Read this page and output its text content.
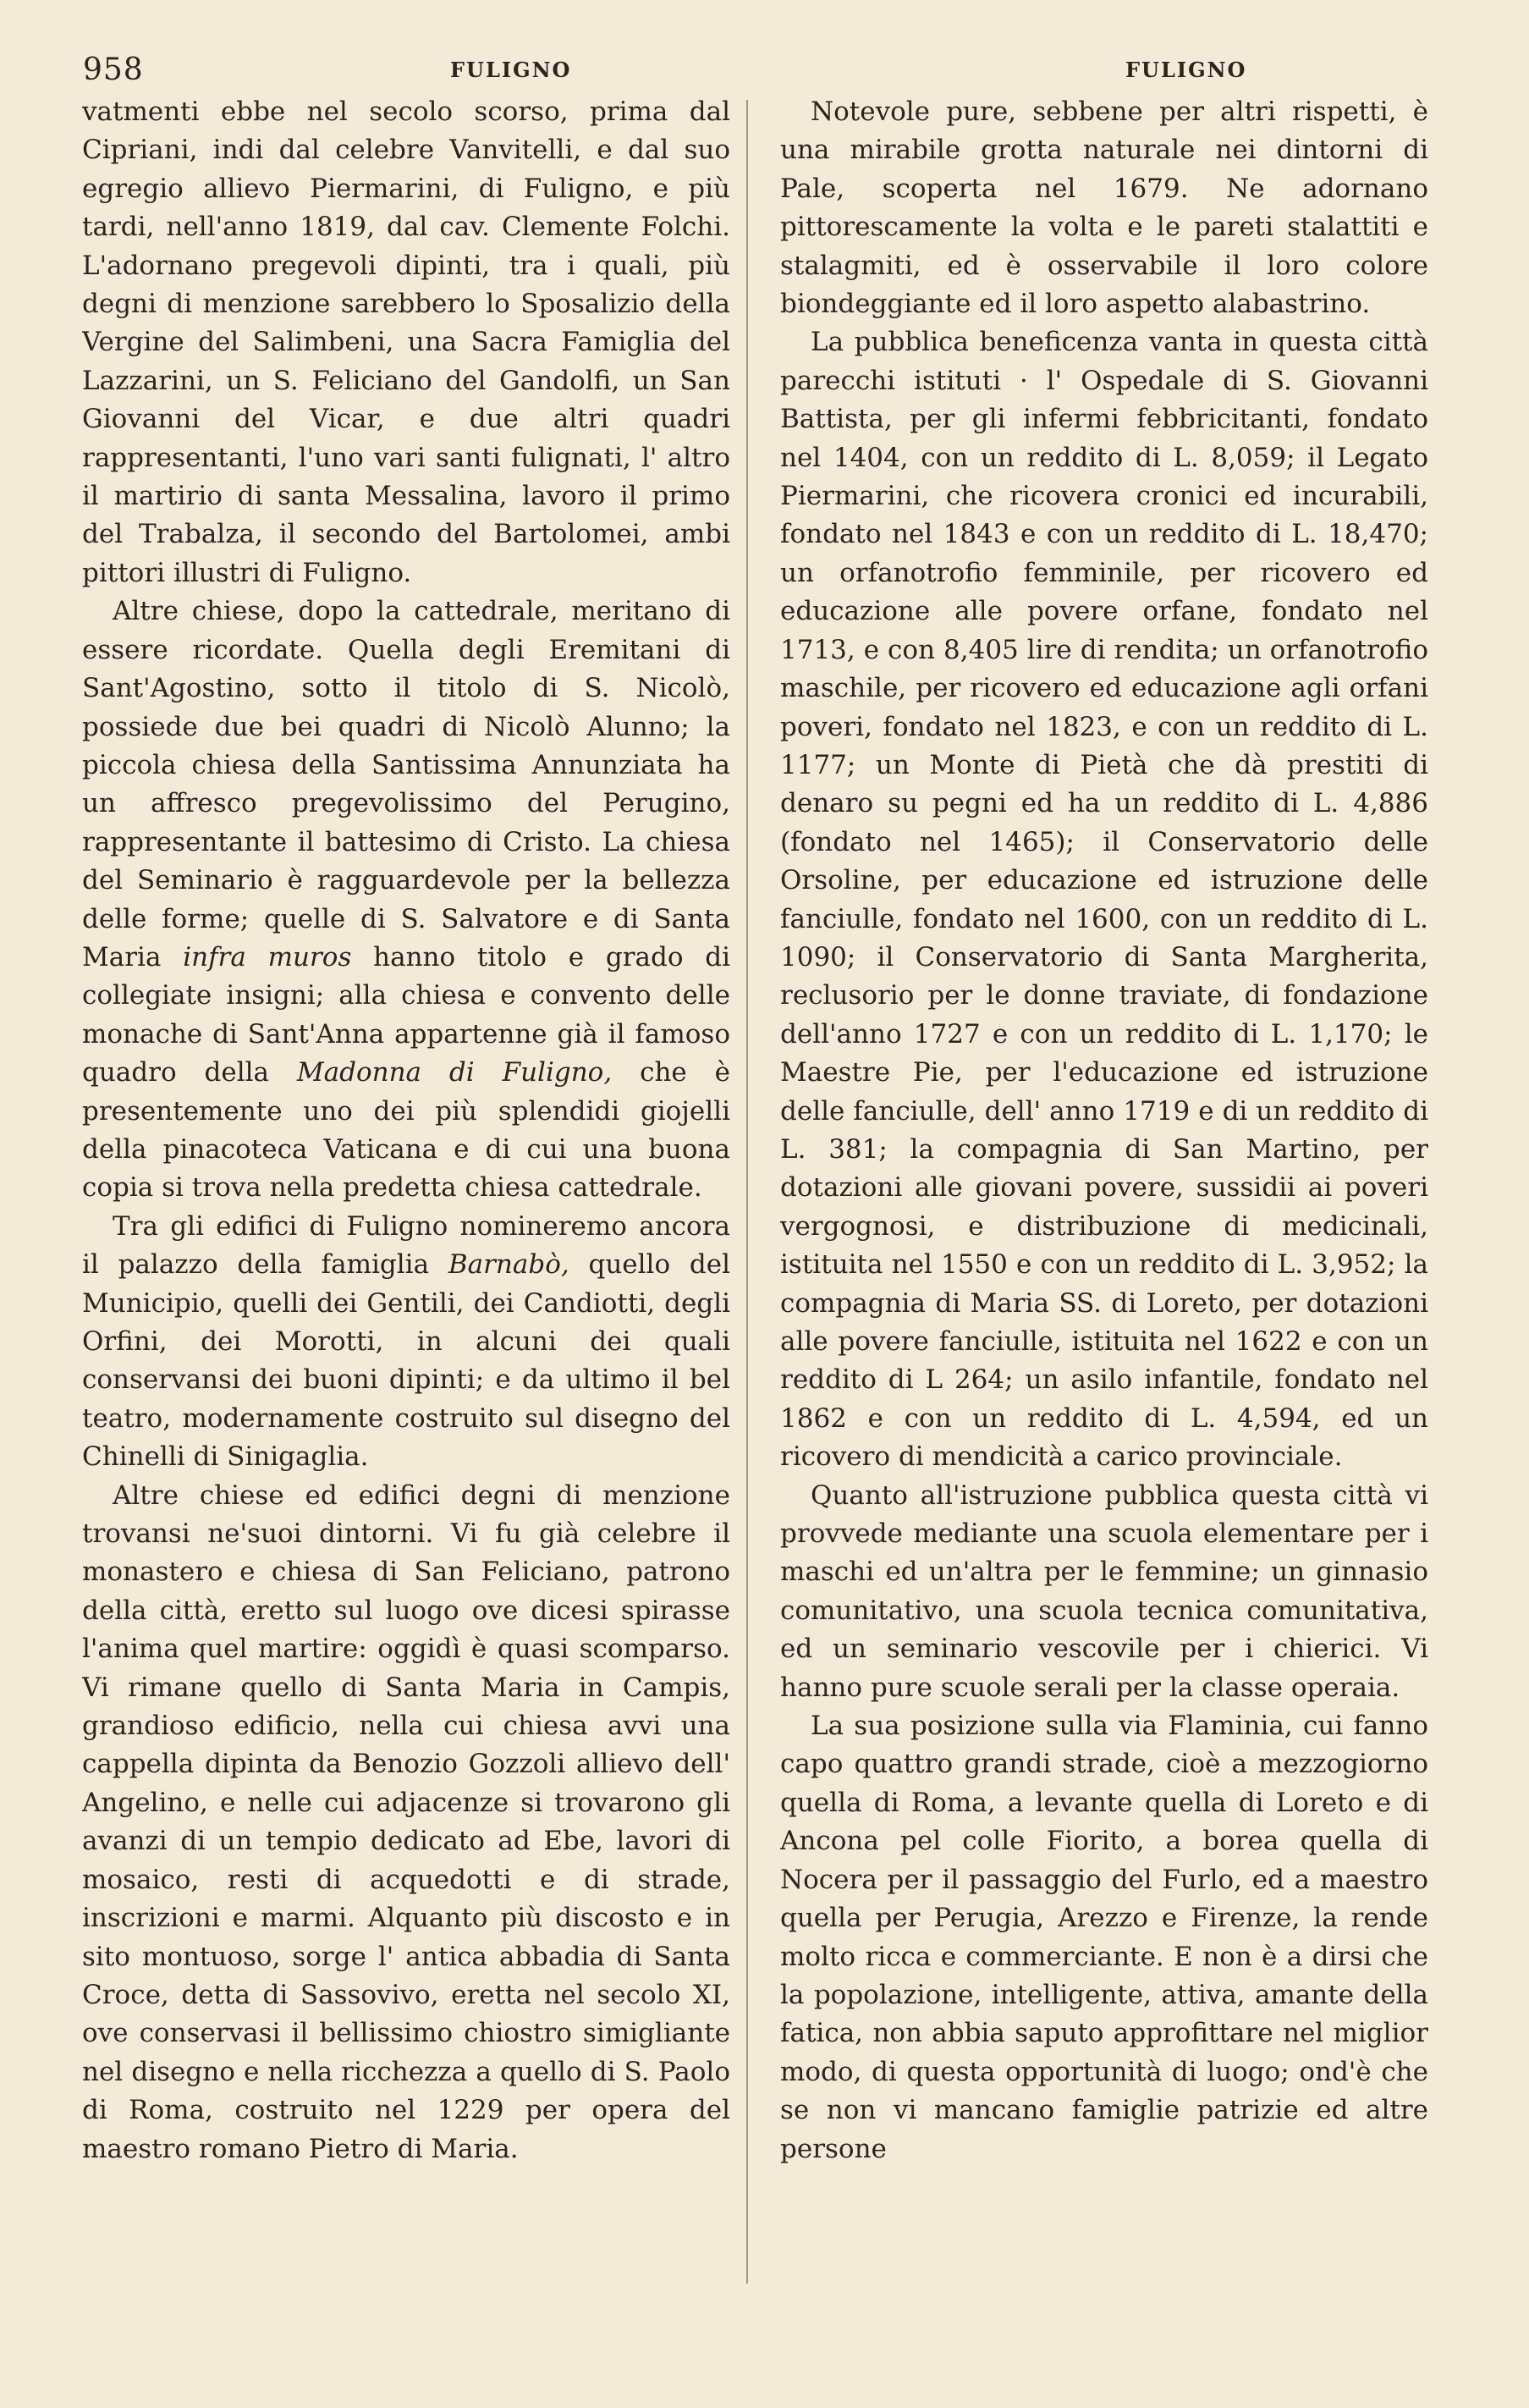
958	FULIGNO	FULIGNO

vatmenti ebbe nel secolo scorso, prima dal Cipriani, indi dal celebre Vanvitelli, e dal suo egregio allievo Piermarini, di Fuligno, e più tardi, nell'anno 1819, dal cav. Clemente Folchi. L'adornano pregevoli dipinti, tra i quali, più degni di menzione sarebbero lo Sposalizio della Vergine del Salimbeni, una Sacra Famiglia del Lazzarini, un S. Feliciano del Gandolfi, un San Giovanni del Vicar, e due altri quadri rappresentanti, l'uno vari santi fulignati, l' altro il martirio di santa Messalina, lavoro il primo del Trabalza, il secondo del Bartolomei, ambi pittori illustri di Fuligno.

Altre chiese, dopo la cattedrale, meritano di essere ricordate. Quella degli Eremitani di Sant'Agostino, sotto il titolo di S. Nicolò, possiede due bei quadri di Nicolò Alunno; la piccola chiesa della Santissima Annunziata ha un affresco pregevolissimo del Perugino, rappresentante il battesimo di Cristo. La chiesa del Seminario è ragguardevole per la bellezza delle forme; quelle di S. Salvatore e di Santa Maria infra muros hanno titolo e grado di collegiate insigni; alla chiesa e convento delle monache di Sant'Anna appartenne già il famoso quadro della Madonna di Fuligno, che è presentemente uno dei più splendidi giojelli della pinacoteca Vaticana e di cui una buona copia si trova nella predetta chiesa cattedrale.

Tra gli edifici di Fuligno nomineremo ancora il palazzo della famiglia Barnabò, quello del Municipio, quelli dei Gentili, dei Candiotti, degli Orfini, dei Morotti, in alcuni dei quali conservansi dei buoni dipinti; e da ultimo il bel teatro, modernamente costruito sul disegno del Chinelli di Sinigaglia.

Altre chiese ed edifici degni di menzione trovansi ne'suoi dintorni. Vi fu già celebre il monastero e chiesa di San Feliciano, patrono della città, eretto sul luogo ove dicesi spirasse l'anima quel martire: oggidì è quasi scomparso. Vi rimane quello di Santa Maria in Campis, grandioso edificio, nella cui chiesa avvi una cappella dipinta da Benozio Gozzoli allievo dell' Angelino, e nelle cui adjacenze si trovarono gli avanzi di un tempio dedicato ad Ebe, lavori di mosaico, resti di acquedotti e di strade, inscrizioni e marmi. Alquanto più discosto e in sito montuoso, sorge l' antica abbadia di Santa Croce, detta di Sassovivo, eretta nel secolo XI, ove conservasi il bellissimo chiostro simigliante nel disegno e nella ricchezza a quello di S. Paolo di Roma, costruito nel 1229 per opera del maestro romano Pietro di Maria.

Notevole pure, sebbene per altri rispetti, è una mirabile grotta naturale nei dintorni di Pale, scoperta nel 1679. Ne adornano pittorescamente la volta e le pareti stalattiti e stalagmiti, ed è osservabile il loro colore biondeggiante ed il loro aspetto alabastrino.

La pubblica beneficenza vanta in questa città parecchi istituti · l' Ospedale di S. Giovanni Battista, per gli infermi febbricitanti, fondato nel 1404, con un reddito di L. 8,059; il Legato Piermarini, che ricovera cronici ed incurabili, fondato nel 1843 e con un reddito di L. 18,470; un orfanotrofio femminile, per ricovero ed educazione alle povere orfane, fondato nel 1713, e con 8,405 lire di rendita; un orfanotrofio maschile, per ricovero ed educazione agli orfani poveri, fondato nel 1823, e con un reddito di L. 1177; un Monte di Pietà che dà prestiti di denaro su pegni ed ha un reddito di L. 4,886 (fondato nel 1465); il Conservatorio delle Orsoline, per educazione ed istruzione delle fanciulle, fondato nel 1600, con un reddito di L. 1090; il Conservatorio di Santa Margherita, reclusorio per le donne traviate, di fondazione dell'anno 1727 e con un reddito di L. 1,170; le Maestre Pie, per l'educazione ed istruzione delle fanciulle, dell' anno 1719 e di un reddito di L. 381; la compagnia di San Martino, per dotazioni alle giovani povere, sussidii ai poveri vergognosi, e distribuzione di medicinali, istituita nel 1550 e con un reddito di L. 3,952; la compagnia di Maria SS. di Loreto, per dotazioni alle povere fanciulle, istituita nel 1622 e con un reddito di L 264; un asilo infantile, fondato nel 1862 e con un reddito di L. 4,594, ed un ricovero di mendicità a carico provinciale.

Quanto all'istruzione pubblica questa città vi provvede mediante una scuola elementare per i maschi ed un'altra per le femmine; un ginnasio comunitativo, una scuola tecnica comunitativa, ed un seminario vescovile per i chierici. Vi hanno pure scuole serali per la classe operaia.

La sua posizione sulla via Flaminia, cui fanno capo quattro grandi strade, cioè a mezzogiorno quella di Roma, a levante quella di Loreto e di Ancona pel colle Fiorito, a borea quella di Nocera per il passaggio del Furlo, ed a maestro quella per Perugia, Arezzo e Firenze, la rende molto ricca e commerciante. E non è a dirsi che la popolazione, intelligente, attiva, amante della fatica, non abbia saputo approfittare nel miglior modo, di questa opportunità di luogo; ond'è che se non vi mancano famiglie patrizie ed altre persone
